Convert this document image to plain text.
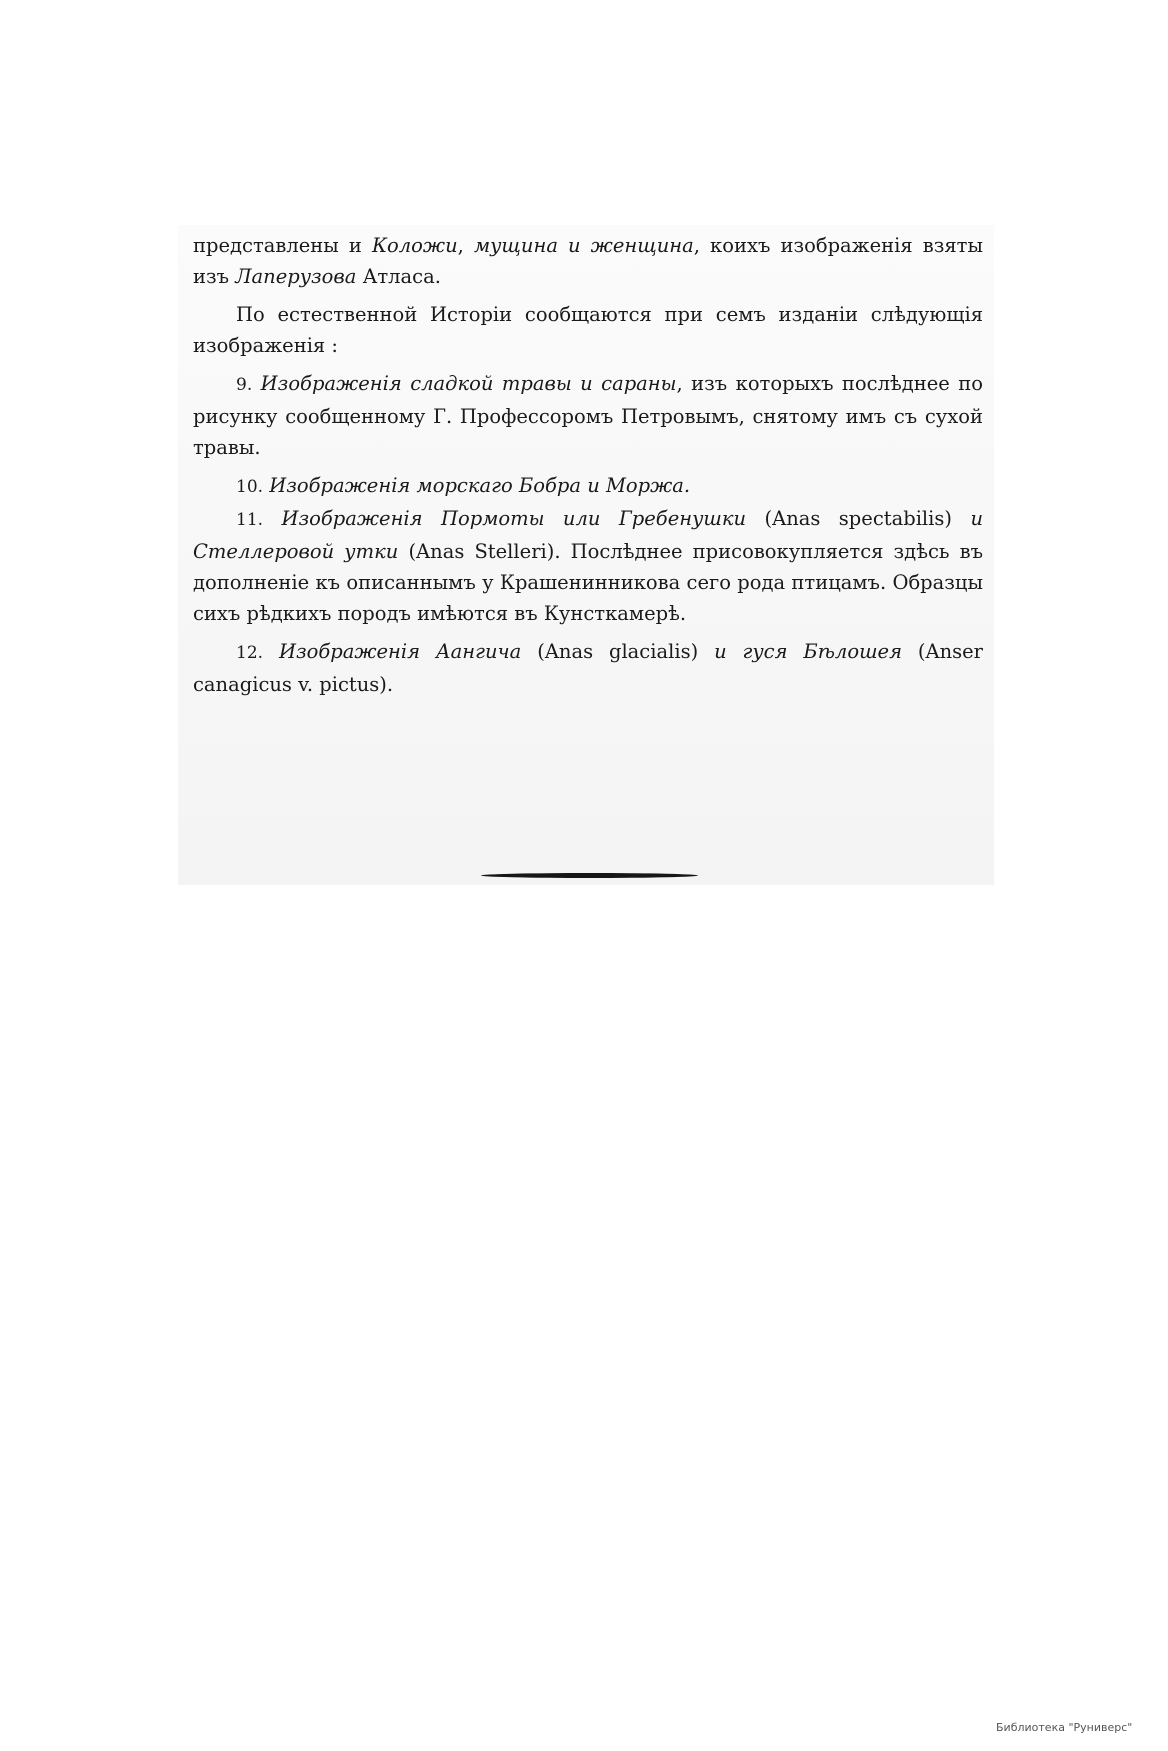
представлены и Коложи, мущина и женщина, коихъ изображенія взяты изъ Лаперузова Атласа.

По естественной Исторіи сообщаются при семъ изданіи слѣдующія изображенія :

9. Изображенія сладкой травы и сараны, изъ которыхъ послѣднее по рисунку сообщенному Г. Профессоромъ Петровымъ, снятому имъ съ сухой травы.

10. Изображенія морскаго Бобра и Моржа.

11. Изображенія Пормоты или Гребенушки (Anas spectabilis) и Стеллеровой утки (Anas Stelleri). Послѣднее присовокупляется здѣсь въ дополненіе къ описаннымъ у Крашенинникова сего рода птицамъ. Образцы сихъ рѣдкихъ породъ имѣются въ Кунсткамерѣ.

12. Изображенія Аангича (Anas glacialis) и гуся Бѣлошея (Anser canagicus v. pictus).

Библиотека "Руниверс"
